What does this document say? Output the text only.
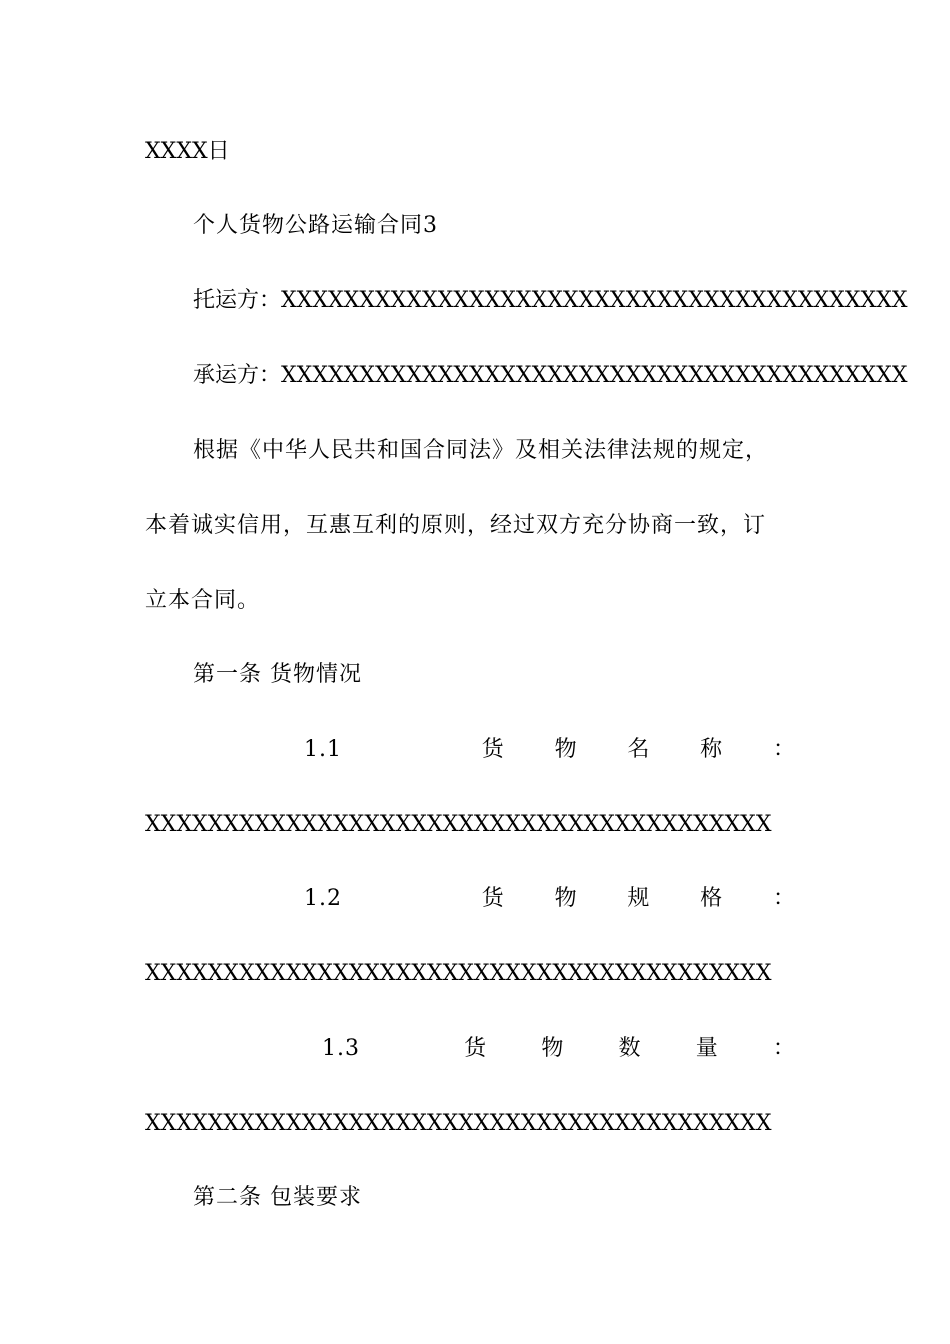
XXXX日
个人货物公路运输合同3
托运方：XXXXXXXXXXXXXXXXXXXXXXXXXXXXXXXXXXXXXXXX
承运方：XXXXXXXXXXXXXXXXXXXXXXXXXXXXXXXXXXXXXXXX
根据《中华人民共和国合同法》及相关法律法规的规定，
本着诚实信用，互惠互利的原则，经过双方充分协商一致，订
立本合同。
第一条 货物情况
1.1	货 物 名 称 ：
XXXXXXXXXXXXXXXXXXXXXXXXXXXXXXXXXXXXXXXX
1.2	货 物 规 格 ：
XXXXXXXXXXXXXXXXXXXXXXXXXXXXXXXXXXXXXXXX
1.3	货 物 数 量 ：
XXXXXXXXXXXXXXXXXXXXXXXXXXXXXXXXXXXXXXXX
第二条 包装要求
